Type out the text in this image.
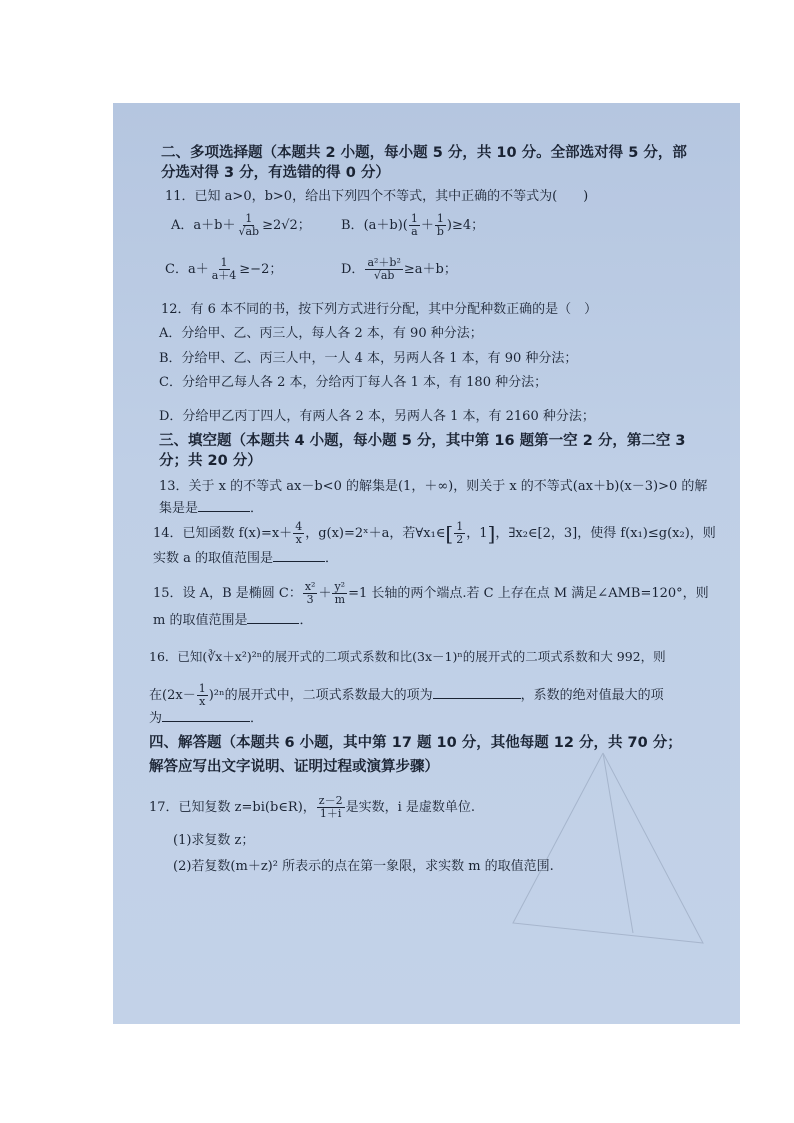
二、多项选择题（本题共 2 小题，每小题 5 分，共 10 分。全部选对得 5 分，部
分选对得 3 分，有选错的得 0 分）
11．已知 a>0，b>0，给出下列四个不等式，其中正确的不等式为(　　)
A．$a+b+ \frac{1}{√ab} \ge 2√2$； B．$(a+b)( \frac{1}{a} + \frac{1}{b} )\ge 4$；
C．$a+ \frac{1}{a+4} \ge-2$；	D． $\frac{\text{a²＋b²}}{√ab} \ge a+b$；
12．有 6 本不同的书，按下列方式进行分配，其中分配种数正确的是（　）
A．分给甲、乙、丙三人，每人各 2 本，有 90 种分法；
B．分给甲、乙、丙三人中，一人 4 本，另两人各 1 本，有 90 种分法；
C．分给甲乙每人各 2 本，分给丙丁每人各 1 本，有 180 种分法；
D．分给甲乙丙丁四人，有两人各 2 本，另两人各 1 本，有 2160 种分法；
三、填空题（本题共 4 小题，每小题 5 分，其中第 16 题第一空 2 分，第二空 3
分；共 20 分）
13．关于 x 的不等式 ax－b<0 的解集是(1，＋∞)，则关于 x 的不等式(ax＋b)(x－3)>0 的解
集是是	．
14．已知函数 $f(x)=x+ \frac{4}{x}$ ，g(x)=2ˣ＋a，若∀x₁∈[ $\frac{1}{2}$ ，1]，∃x₂∈[2，3]，使得 f(x₁)≤g(x₂)，则
实数 a 的取值范围是	．
15．设 A，B 是椭圆 C： $\frac{\text{x²}}{3} + \frac{\text{y²}}{m} =1$ 长轴的两个端点.若 C 上存在点 M 满足∠AMB=120°，则
m 的取值范围是	．
16．已知(∛x＋x²)²ⁿ的展开式的二项式系数和比(3x－1)ⁿ的展开式的二项式系数和大 992，则
在$(2x- \frac{1}{x} )^{2n}$的展开式中，二项式系数最大的项为	，系数的绝对值最大的项
为	．
四、解答题（本题共 6 小题，其中第 17 题 10 分，其他每题 12 分，共 70 分；
解答应写出文字说明、证明过程或演算步骤）
17．已知复数 z=bi(b∈R)， $\frac{z-2}{1+i}$ 是实数，i 是虚数单位.
(1)求复数 z；
(2)若复数(m＋z)² 所表示的点在第一象限，求实数 m 的取值范围.
